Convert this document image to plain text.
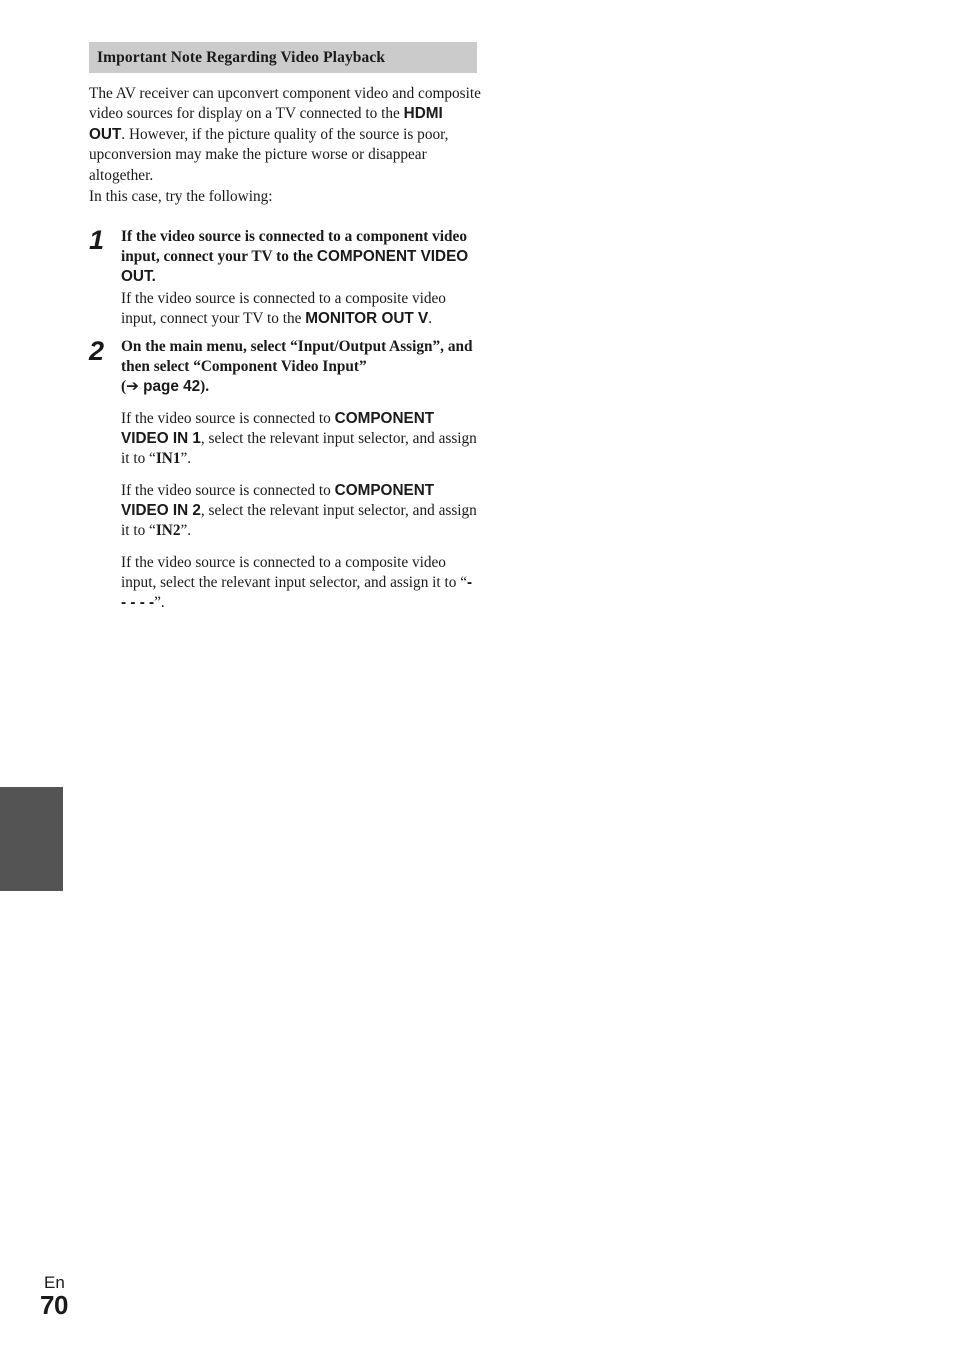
Important Note Regarding Video Playback

The AV receiver can upconvert component video and composite video sources for display on a TV connected to the HDMI OUT. However, if the picture quality of the source is poor, upconversion may make the picture worse or disappear altogether.

In this case, try the following:

1 If the video source is connected to a component video input, connect your TV to the COMPONENT VIDEO OUT.

If the video source is connected to a composite video input, connect your TV to the MONITOR OUT V.

2 On the main menu, select “Input/Output Assign”, and then select “Component Video Input”
(➔ page 42).

If the video source is connected to COMPONENT VIDEO IN 1, select the relevant input selector, and assign it to “IN1”.

If the video source is connected to COMPONENT VIDEO IN 2, select the relevant input selector, and assign it to “IN2”.

If the video source is connected to a composite video input, select the relevant input selector, and assign it to “- - - - -”.

En
70
